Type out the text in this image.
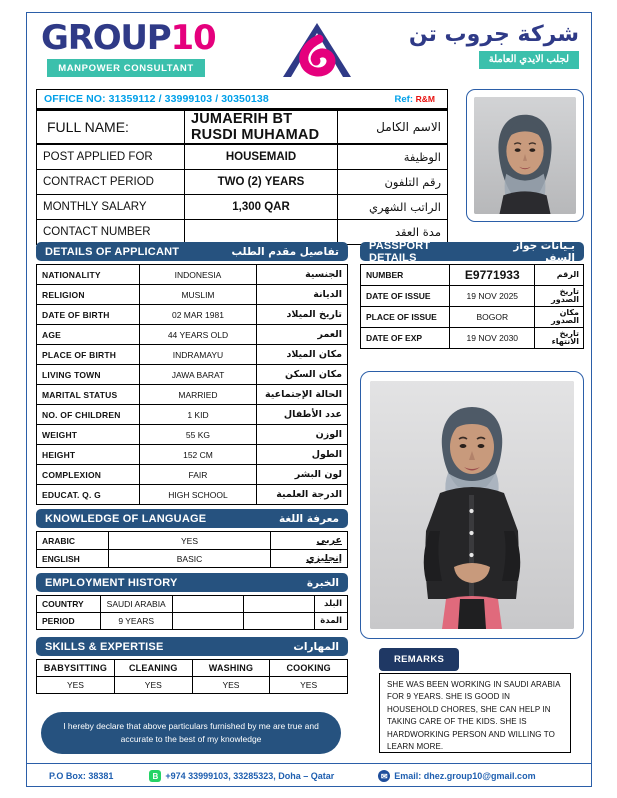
GROUP10
MANPOWER CONSULTANT
شركة جروب تن
لجلب الايدي العاملة
OFFICE NO: 31359112 / 33999103 / 30350138	Ref: R&M
FULL NAME:	JUMAERIH BT RUSDI MUHAMAD	الاسم الكامل
POST APPLIED FOR	HOUSEMAID	الوظيفة
CONTRACT PERIOD	TWO (2) YEARS	رقم التلفون
MONTHLY SALARY	1,300 QAR	الراتب الشهري
CONTACT NUMBER		مدة العقد
DETAILS OF APPLICANT	تفاصيل مقدم الطلب
NATIONALITY	INDONESIA	الجنسية
RELIGION	MUSLIM	الديانة
DATE OF BIRTH	02 MAR 1981	تاريخ الميلاد
AGE	44 YEARS OLD	العمر
PLACE OF BIRTH	INDRAMAYU	مكان الميلاد
LIVING TOWN	JAWA BARAT	مكان السكن
MARITAL STATUS	MARRIED	الحالة الإجتماعية
NO. OF CHILDREN	1 KID	عدد الأطفال
WEIGHT	55 KG	الوزن
HEIGHT	152 CM	الطول
COMPLEXION	FAIR	لون البشر
EDUCAT. Q. G	HIGH SCHOOL	الدرجة العلمية
PASSPORT DETAILS
بـيانات جواز السفر
NUMBER	E9771933	الرقم
DATE OF ISSUE	19 NOV 2025	تاريخ الصدور
PLACE OF ISSUE	BOGOR	مكان الصدور
DATE OF EXP	19 NOV 2030	تاريخ الانتهاء
KNOWLEDGE OF LANGUAGE	معرفة اللغة
ARABIC	YES	عربي
ENGLISH	BASIC	إنجليزي
EMPLOYMENT HISTORY	الخبرة
COUNTRY	SAUDI ARABIA			البلد
PERIOD	9 YEARS			المدة
SKILLS & EXPERTISE	المهارات
BABYSITTING	CLEANING	WASHING	COOKING
YES	YES	YES	YES
REMARKS
SHE WAS BEEN WORKING IN SAUDI ARABIA FOR 9 YEARS. SHE IS GOOD IN HOUSEHOLD CHORES, SHE CAN HELP IN TAKING CARE OF THE KIDS. SHE IS HARDWORKING PERSON AND WILLING TO LEARN MORE.
I hereby declare that above particulars furnished by me are true and accurate to the best of my knowledge
P.O Box: 38381	B +974 33999103, 33285323, Doha – Qatar	✉ Email: dhez.group10@gmail.com
